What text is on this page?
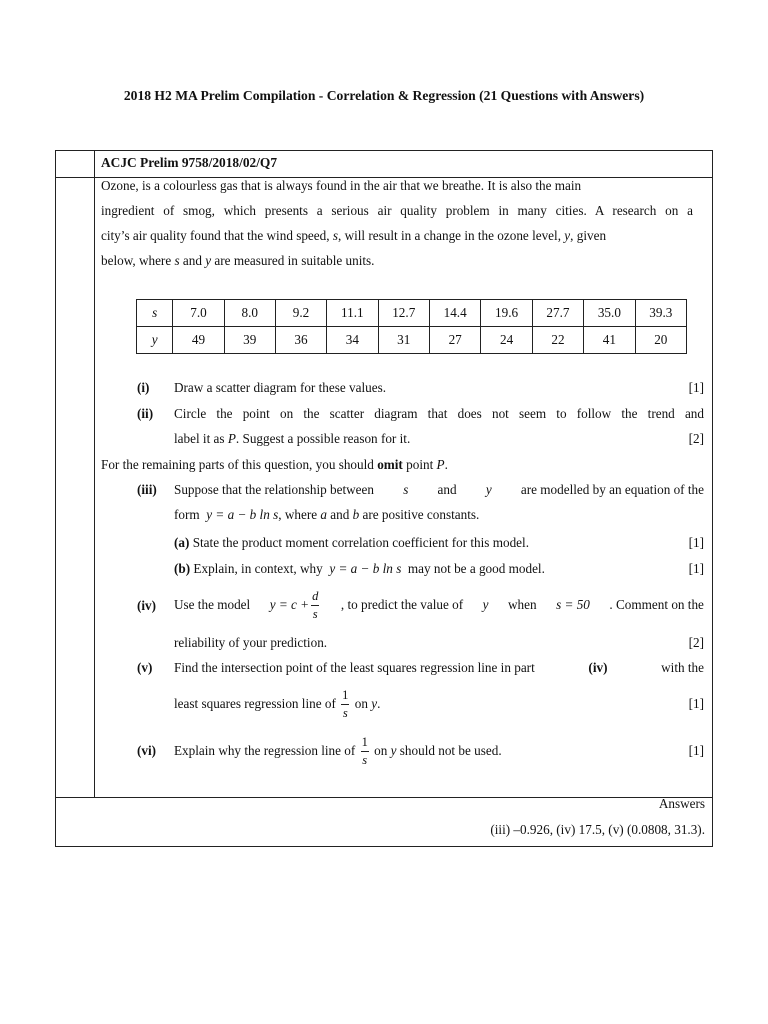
2018 H2 MA Prelim Compilation - Correlation & Regression (21 Questions with Answers)
ACJC Prelim 9758/2018/02/Q7
Ozone, is a colourless gas that is always found in the air that we breathe. It is also the main
ingredient of smog, which presents a serious air quality problem in many cities. A research on a
city’s air quality found that the wind speed, s, will result in a change in the ozone level, y, given
below, where s and y are measured in suitable units.
s	7.0	8.0	9.2	11.1	12.7	14.4	19.6	27.7	35.0	39.3
y	49	39	36	34	31	27	24	22	41	20
(i) Draw a scatter diagram for these values.	[1]
(ii) Circle the point on the scatter diagram that does not seem to follow the trend and
label it as P. Suggest a possible reason for it.	[2]
For the remaining parts of this question, you should omit point P.
(iii) Suppose that the relationship between s and y are modelled by an equation of the
form y = a − b ln s, where a and b are positive constants.
(a) State the product moment correlation coefficient for this model.	[1]
(b) Explain, in context, why y = a − b ln s may not be a good model.	[1]
(iv) Use the model $y = c + \frac{d}{s}$ , to predict the value of y when s = 50 . Comment on the
reliability of your prediction.	[2]
(v) Find the intersection point of the least squares regression line in part	(iv)	with the
least squares regression line of
$\frac{1}{s}$
on
y .	[1]
(vi) Explain why the regression line of
$\frac{1}{s}$
on
y
should not be used.	[1]
Answers
(iii) –0.926, (iv) 17.5, (v) (0.0808, 31.3).
